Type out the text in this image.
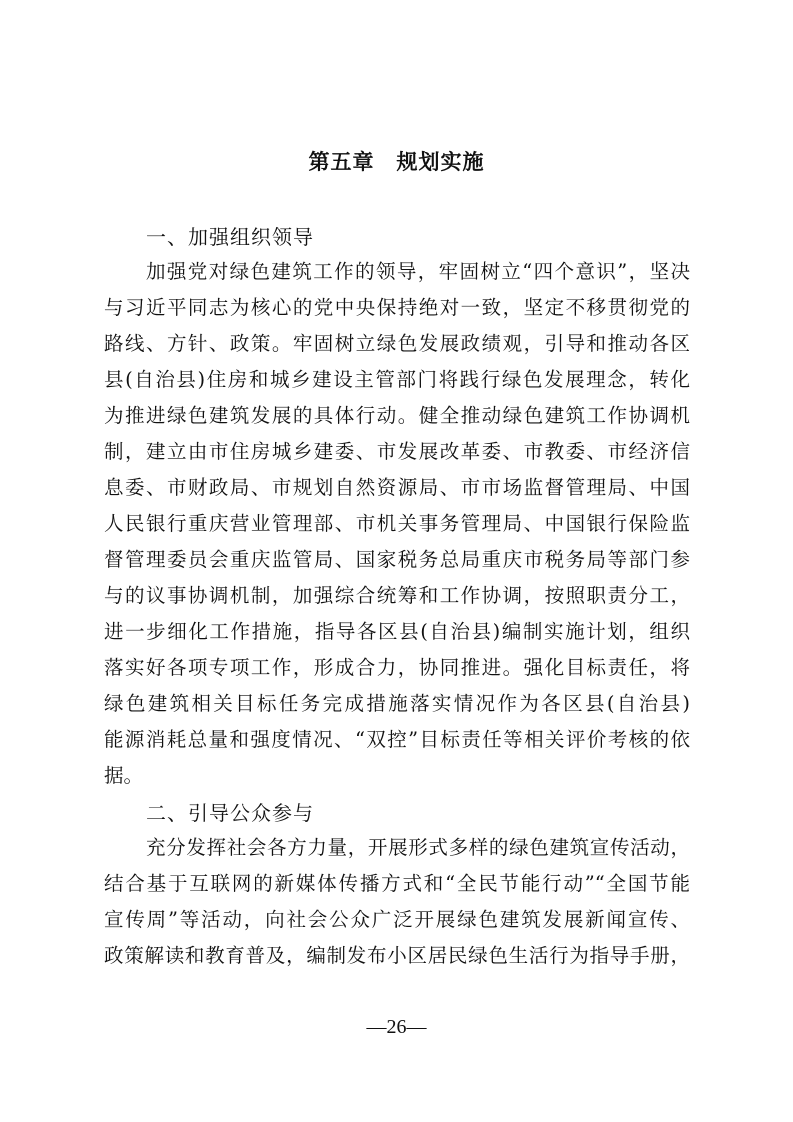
第五章　规划实施
一、加强组织领导
加强党对绿色建筑工作的领导，牢固树立“四个意识”，坚决
与习近平同志为核心的党中央保持绝对一致，坚定不移贯彻党的
路线、方针、政策。牢固树立绿色发展政绩观，引导和推动各区
县(自治县)住房和城乡建设主管部门将践行绿色发展理念，转化
为推进绿色建筑发展的具体行动。健全推动绿色建筑工作协调机
制，建立由市住房城乡建委、市发展改革委、市教委、市经济信
息委、市财政局、市规划自然资源局、市市场监督管理局、中国
人民银行重庆营业管理部、市机关事务管理局、中国银行保险监
督管理委员会重庆监管局、国家税务总局重庆市税务局等部门参
与的议事协调机制，加强综合统筹和工作协调，按照职责分工，
进一步细化工作措施，指导各区县(自治县)编制实施计划，组织
落实好各项专项工作，形成合力，协同推进。强化目标责任，将
绿色建筑相关目标任务完成措施落实情况作为各区县(自治县)
能源消耗总量和强度情况、“双控”目标责任等相关评价考核的依
据。
二、引导公众参与
充分发挥社会各方力量，开展形式多样的绿色建筑宣传活动，
结合基于互联网的新媒体传播方式和“全民节能行动”“全国节能
宣传周”等活动，向社会公众广泛开展绿色建筑发展新闻宣传、
政策解读和教育普及，编制发布小区居民绿色生活行为指导手册，
—26—
